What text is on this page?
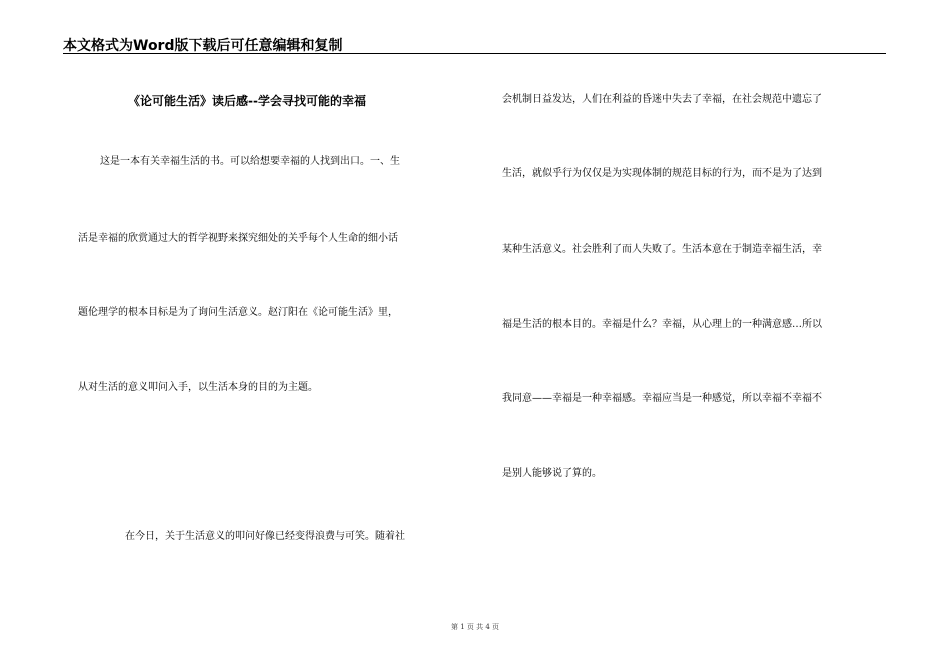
本文格式为Word版下载后可任意编辑和复制
《论可能生活》读后感--学会寻找可能的幸福
这是一本有关幸福生活的书。可以给想要幸福的人找到出口。一、生
活是幸福的欣赏通过大的哲学视野来探究细处的关乎每个人生命的细小话
题伦理学的根本目标是为了询问生活意义。赵汀阳在《论可能生活》里，
从对生活的意义叩问入手，以生活本身的目的为主题。
在今日，关于生活意义的叩问好像已经变得浪费与可笑。随着社
会机制日益发达，人们在利益的昏迷中失去了幸福，在社会规范中遗忘了
生活，就似乎行为仅仅是为实现体制的规范目标的行为，而不是为了达到
某种生活意义。社会胜利了而人失败了。生活本意在于制造幸福生活，幸
福是生活的根本目的。幸福是什么？幸福，从心理上的一种满意感…所以
我同意——幸福是一种幸福感。幸福应当是一种感觉，所以幸福不幸福不
是别人能够说了算的。
第 1 页 共 4 页
